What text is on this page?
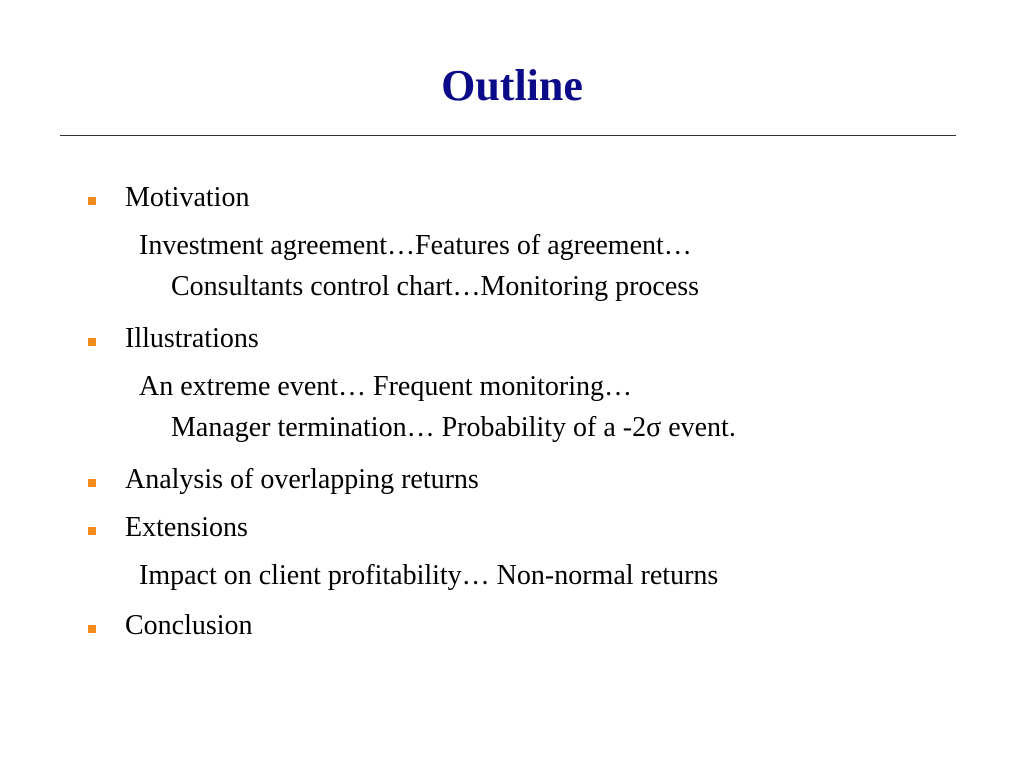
Outline
Motivation
Investment agreement…Features of agreement…
Consultants control chart…Monitoring process
Illustrations
An extreme event… Frequent monitoring…
Manager termination… Probability of a -2σ event.
Analysis of overlapping returns
Extensions
Impact on client profitability… Non-normal returns
Conclusion
